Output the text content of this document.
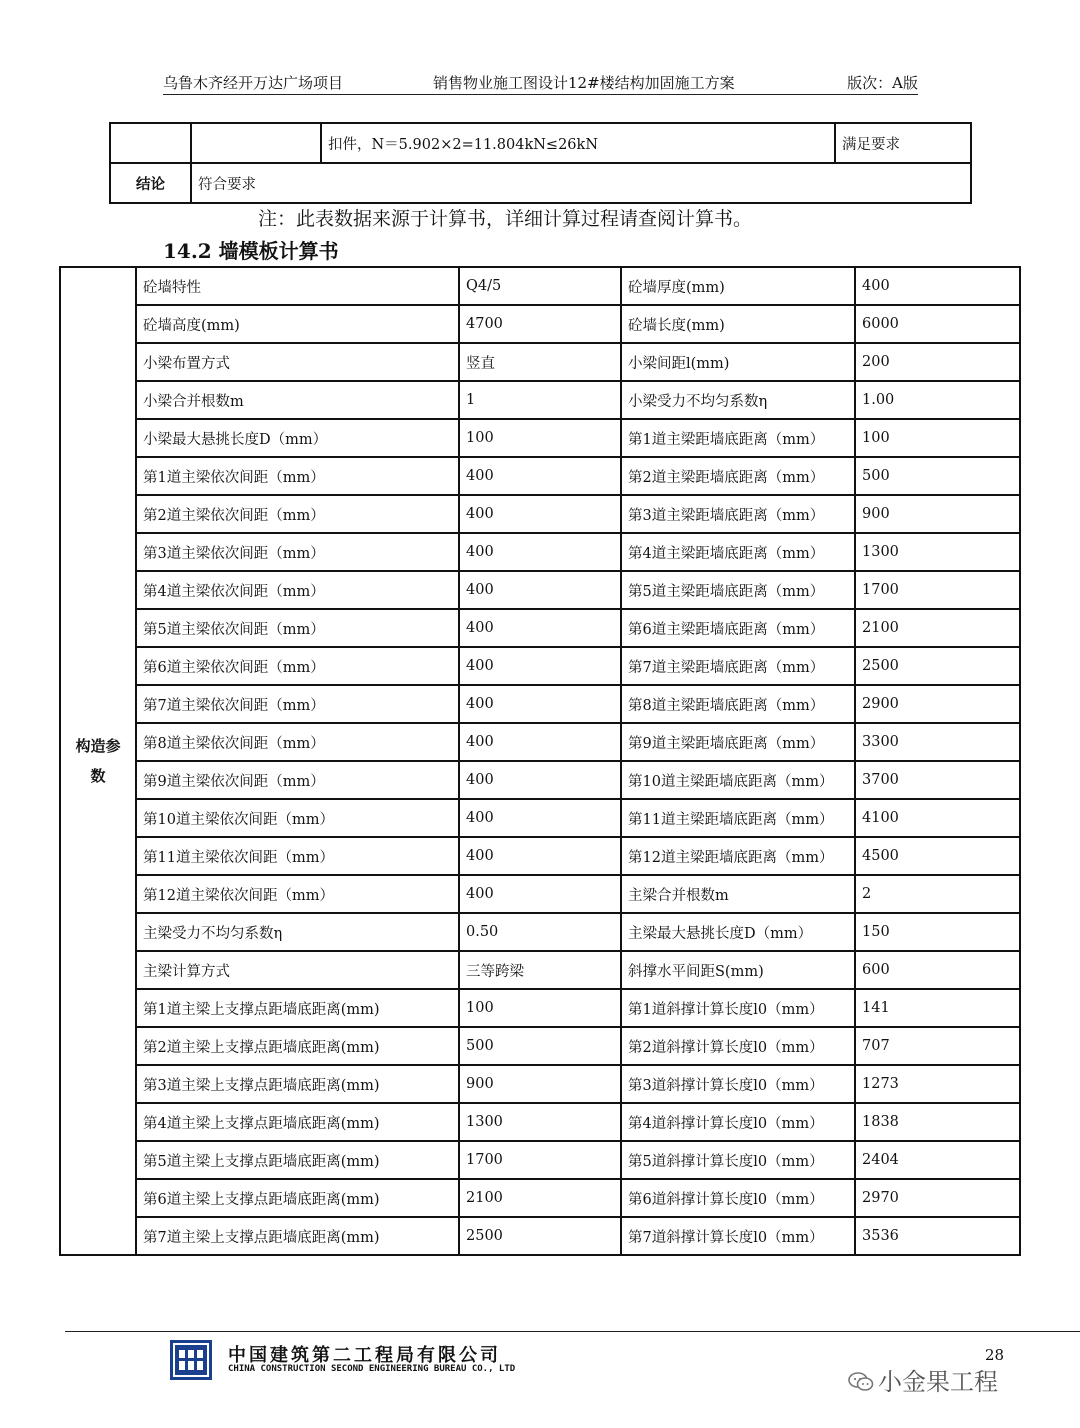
乌鲁木齐经开万达广场项目	销售物业施工图设计12#楼结构加固施工方案	版次：A版
		扣件，N＝5.902×2=11.804kN≤26kN	满足要求
结论	符合要求		
注：此表数据来源于计算书，详细计算过程请查阅计算书。
14.2 墙模板计算书
构造参数	砼墙特性	Q4/5	砼墙厚度(mm)	400
	砼墙高度(mm)	4700	砼墙长度(mm)	6000
	小梁布置方式	竖直	小梁间距l(mm)	200
	小梁合并根数m	1	小梁受力不均匀系数η	1.00
	小梁最大悬挑长度D（mm）	100	第1道主梁距墙底距离（mm）	100
	第1道主梁依次间距（mm）	400	第2道主梁距墙底距离（mm）	500
	第2道主梁依次间距（mm）	400	第3道主梁距墙底距离（mm）	900
	第3道主梁依次间距（mm）	400	第4道主梁距墙底距离（mm）	1300
	第4道主梁依次间距（mm）	400	第5道主梁距墙底距离（mm）	1700
	第5道主梁依次间距（mm）	400	第6道主梁距墙底距离（mm）	2100
	第6道主梁依次间距（mm）	400	第7道主梁距墙底距离（mm）	2500
	第7道主梁依次间距（mm）	400	第8道主梁距墙底距离（mm）	2900
	第8道主梁依次间距（mm）	400	第9道主梁距墙底距离（mm）	3300
	第9道主梁依次间距（mm）	400	第10道主梁距墙底距离（mm）	3700
	第10道主梁依次间距（mm）	400	第11道主梁距墙底距离（mm）	4100
	第11道主梁依次间距（mm）	400	第12道主梁距墙底距离（mm）	4500
	第12道主梁依次间距（mm）	400	主梁合并根数m	2
	主梁受力不均匀系数η	0.50	主梁最大悬挑长度D（mm）	150
	主梁计算方式	三等跨梁	斜撑水平间距S(mm)	600
	第1道主梁上支撑点距墙底距离(mm)	100	第1道斜撑计算长度l0（mm）	141
	第2道主梁上支撑点距墙底距离(mm)	500	第2道斜撑计算长度l0（mm）	707
	第3道主梁上支撑点距墙底距离(mm)	900	第3道斜撑计算长度l0（mm）	1273
	第4道主梁上支撑点距墙底距离(mm)	1300	第4道斜撑计算长度l0（mm）	1838
	第5道主梁上支撑点距墙底距离(mm)	1700	第5道斜撑计算长度l0（mm）	2404
	第6道主梁上支撑点距墙底距离(mm)	2100	第6道斜撑计算长度l0（mm）	2970
	第7道主梁上支撑点距墙底距离(mm)	2500	第7道斜撑计算长度l0（mm）	3536
中国建筑第二工程局有限公司
CHINA CONSTRUCTION SECOND ENGINEERING BUREAU CO., LTD
28
小金果工程
